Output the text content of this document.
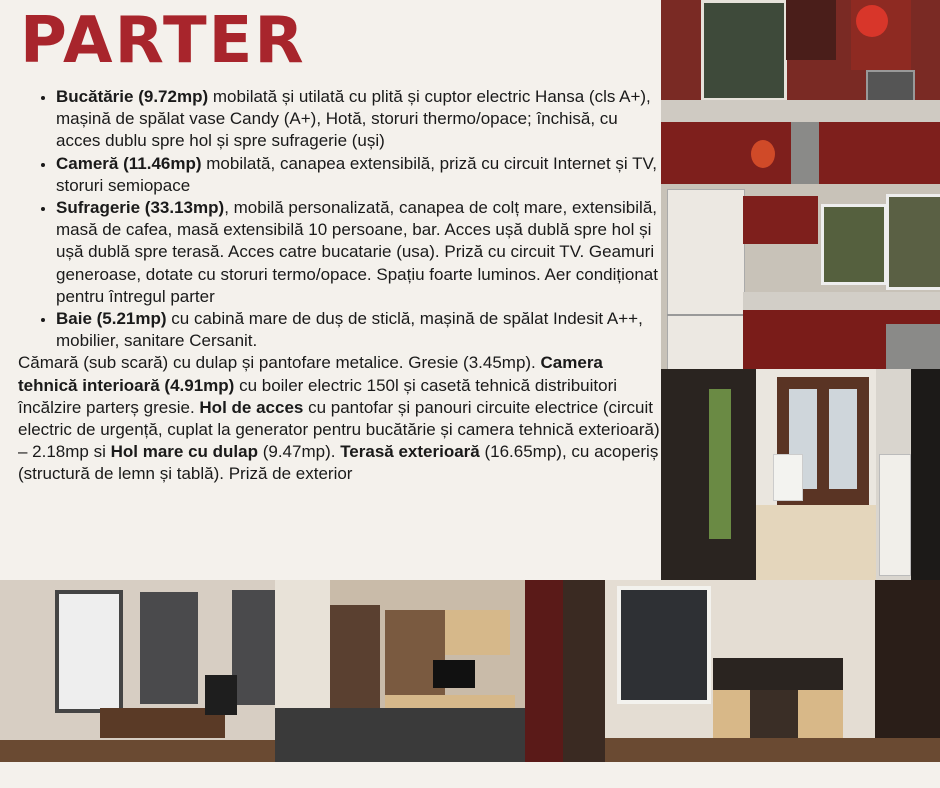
PARTER
• Bucătărie (9.72mp) mobilată și utilată cu plită și cuptor electric Hansa (cls A+), mașină de spălat vase Candy (A+), Hotă, storuri thermo/opace; închisă, cu acces dublu spre hol și spre sufragerie (uși)
• Cameră (11.46mp) mobilată, canapea extensibilă, priză cu circuit Internet și TV, storuri semiopace
• Sufragerie (33.13mp), mobilă personalizată, canapea de colț mare, extensibilă, masă de cafea, masă extensibilă 10 persoane, bar. Acces ușă dublă spre hol și ușă dublă spre terasă. Acces catre bucatarie (usa). Priză cu circuit TV. Geamuri generoase, dotate cu storuri termo/opace. Spațiu foarte luminos. Aer condiționat pentru întregul parter
• Baie (5.21mp) cu cabină mare de duș de sticlă, mașină de spălat Indesit A++, mobilier, sanitare Cersanit.

Cămară (sub scară) cu dulap și pantofare metalice. Gresie (3.45mp). Camera tehnică interioară (4.91mp) cu boiler electric 150l și casetă tehnică distribuitori încălzire parterș gresie. Hol de acces cu pantofar și panouri circuite electrice (circuit electric de urgență, cuplat la generator pentru bucătărie și camera tehnică exterioară) – 2.18mp si Hol mare cu dulap (9.47mp). Terasă exterioară (16.65mp), cu acoperiș (structură de lemn și tablă). Priză de exterior
